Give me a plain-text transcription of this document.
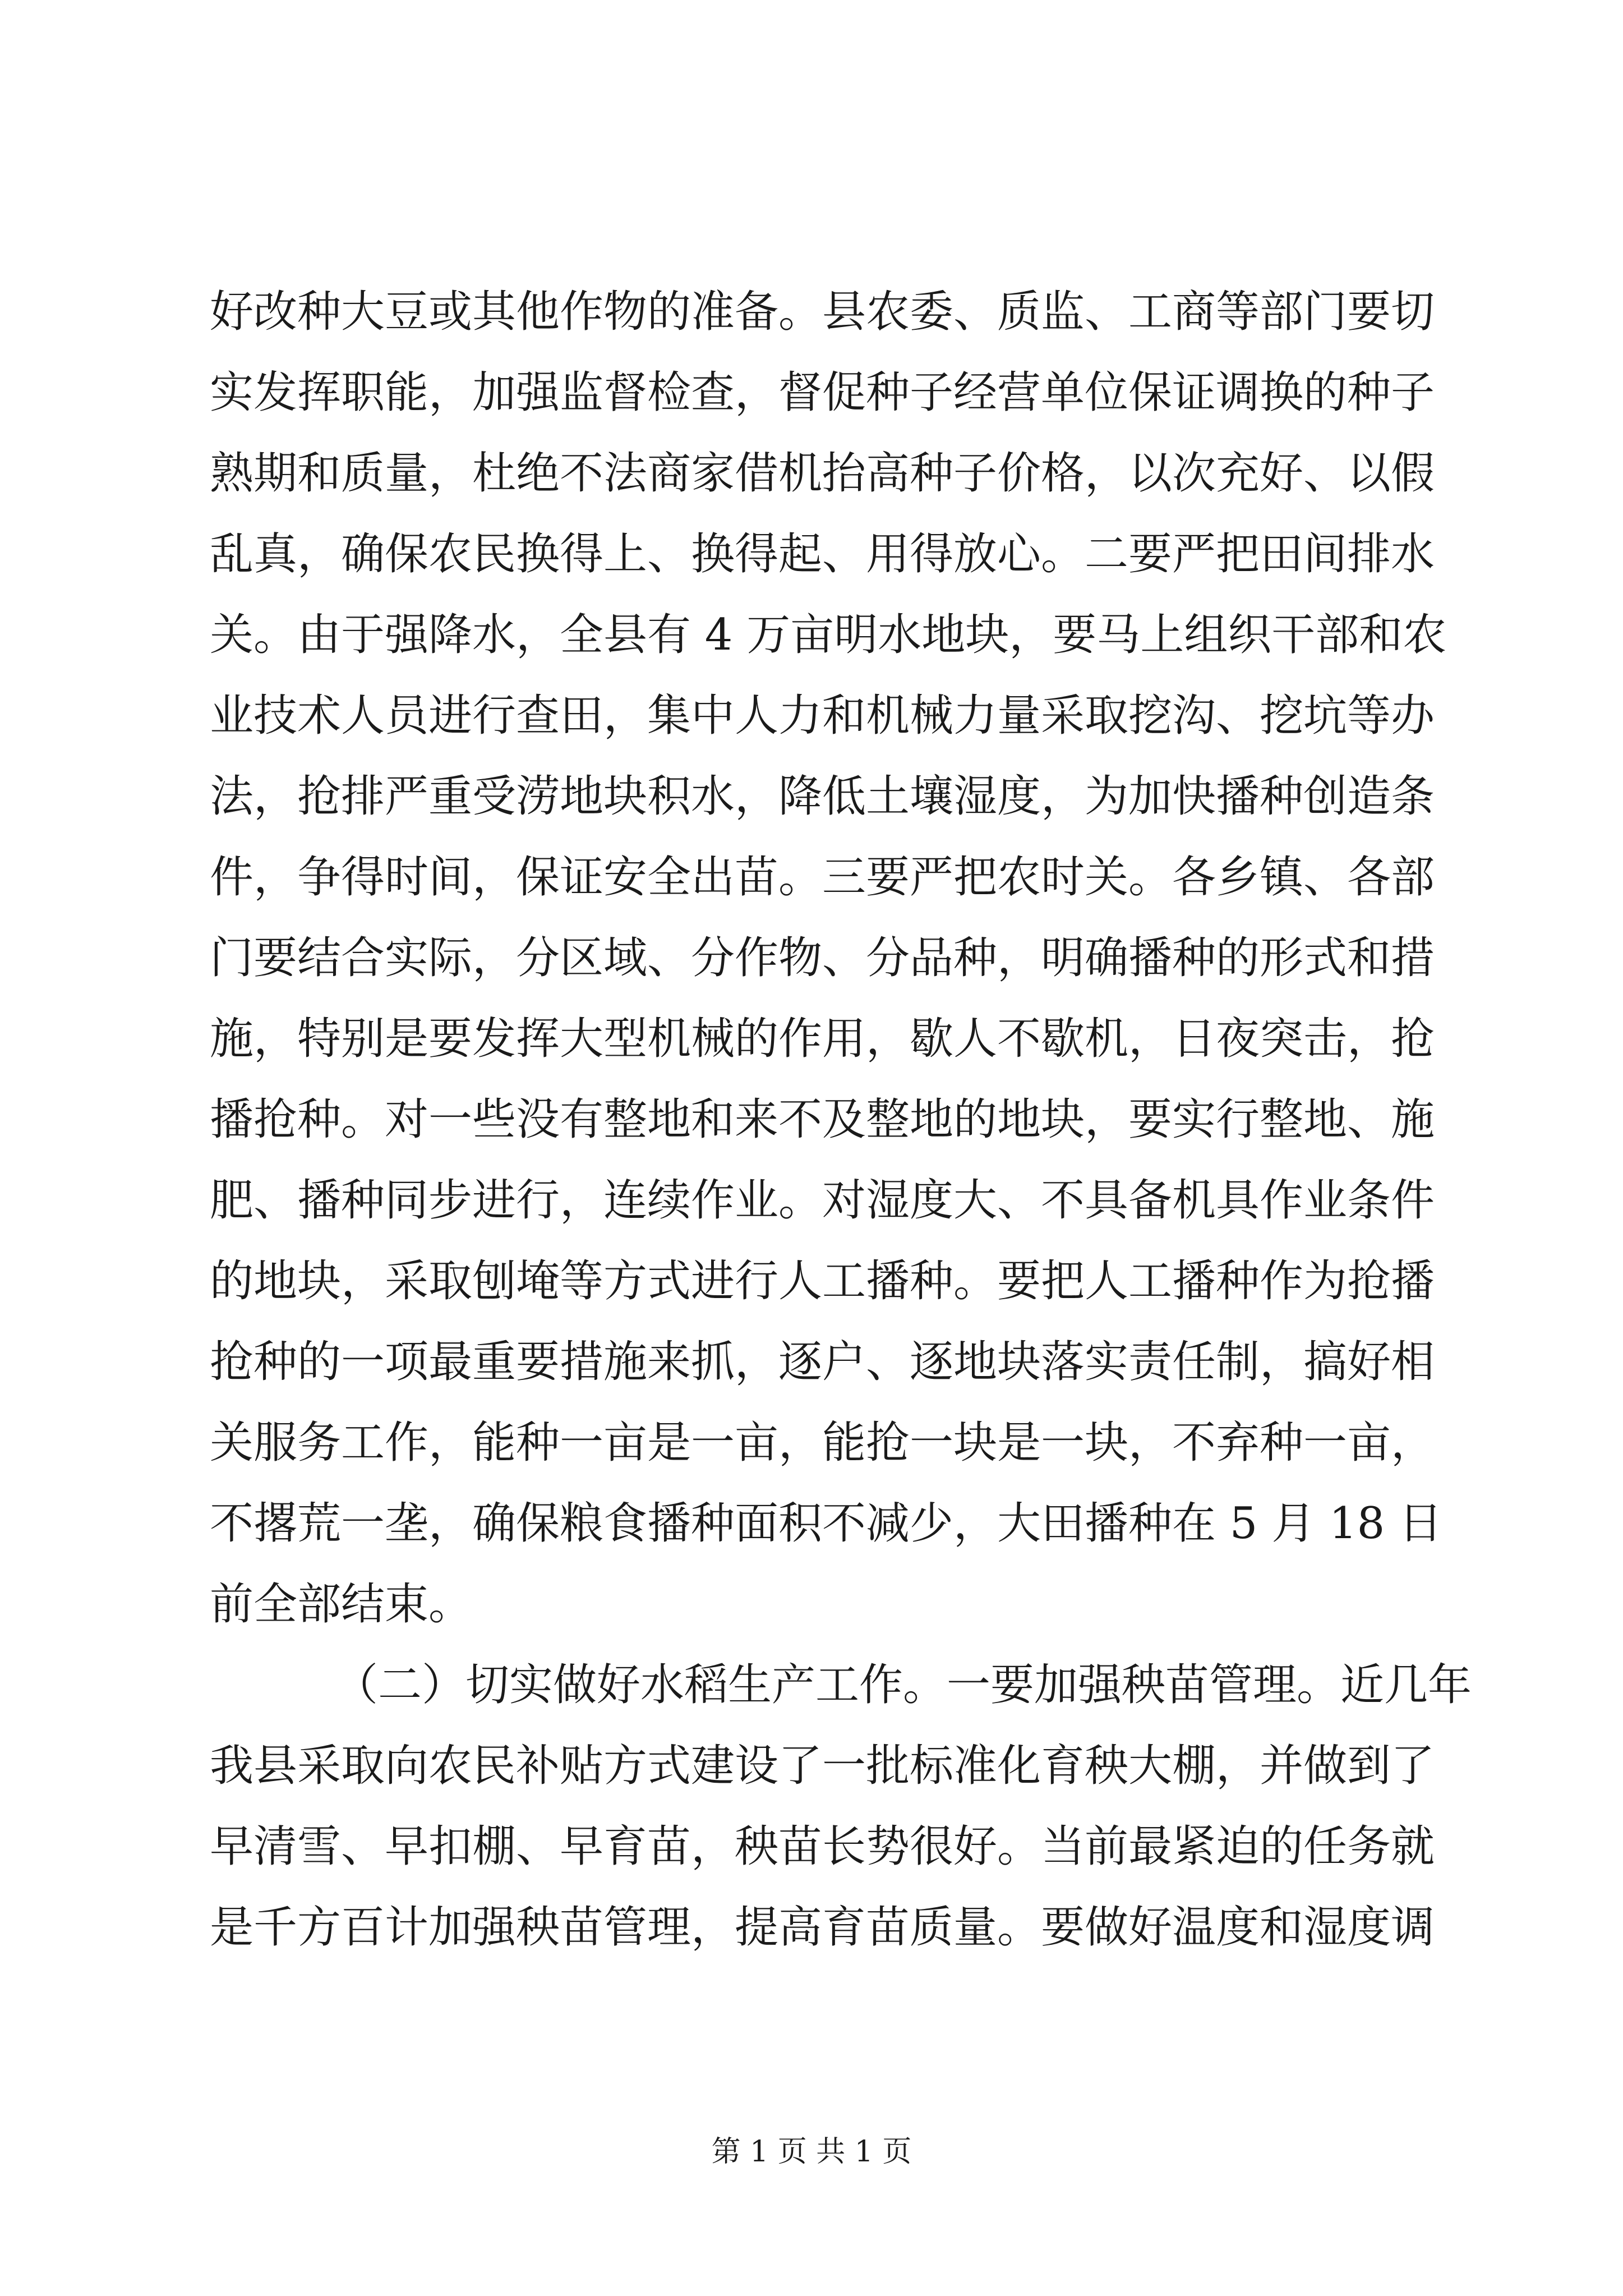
好改种大豆或其他作物的准备。县农委、质监、工商等部门要切
实发挥职能，加强监督检查，督促种子经营单位保证调换的种子
熟期和质量，杜绝不法商家借机抬高种子价格，以次充好、以假
乱真，确保农民换得上、换得起、用得放心。二要严把田间排水
关。由于强降水，全县有 4 万亩明水地块，要马上组织干部和农
业技术人员进行查田，集中人力和机械力量采取挖沟、挖坑等办
法，抢排严重受涝地块积水，降低土壤湿度，为加快播种创造条
件，争得时间，保证安全出苗。三要严把农时关。各乡镇、各部
门要结合实际，分区域、分作物、分品种，明确播种的形式和措
施，特别是要发挥大型机械的作用，歇人不歇机，日夜突击，抢
播抢种。对一些没有整地和来不及整地的地块，要实行整地、施
肥、播种同步进行，连续作业。对湿度大、不具备机具作业条件
的地块，采取刨埯等方式进行人工播种。要把人工播种作为抢播
抢种的一项最重要措施来抓，逐户、逐地块落实责任制，搞好相
关服务工作，能种一亩是一亩，能抢一块是一块，不弃种一亩，
不撂荒一垄，确保粮食播种面积不减少，大田播种在 5 月 18 日
前全部结束。
（二）切实做好水稻生产工作。一要加强秧苗管理。近几年
我县采取向农民补贴方式建设了一批标准化育秧大棚，并做到了
早清雪、早扣棚、早育苗，秧苗长势很好。当前最紧迫的任务就
是千方百计加强秧苗管理，提高育苗质量。要做好温度和湿度调
第 1 页 共 1 页
